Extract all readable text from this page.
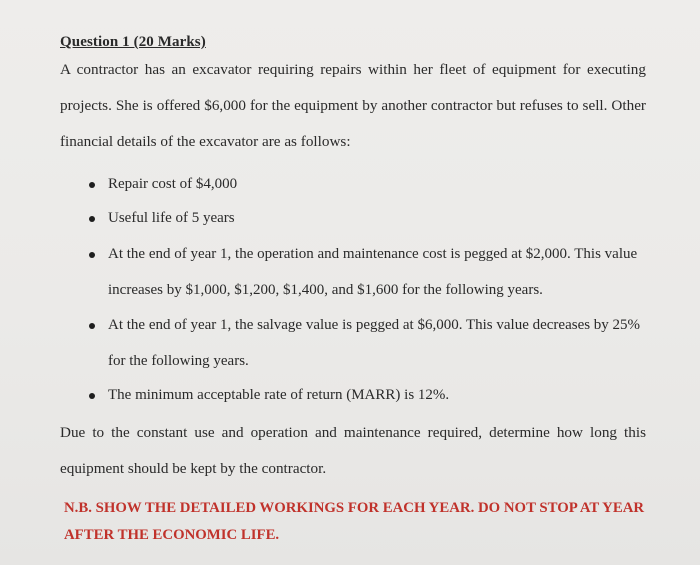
Question 1 (20 Marks)

A contractor has an excavator requiring repairs within her fleet of equipment for executing projects. She is offered $6,000 for the equipment by another contractor but refuses to sell. Other financial details of the excavator are as follows:

Repair cost of $4,000
Useful life of 5 years
At the end of year 1, the operation and maintenance cost is pegged at $2,000. This value increases by $1,000, $1,200, $1,400, and $1,600 for the following years.
At the end of year 1, the salvage value is pegged at $6,000. This value decreases by 25% for the following years.
The minimum acceptable rate of return (MARR) is 12%.

Due to the constant use and operation and maintenance required, determine how long this equipment should be kept by the contractor.

N.B. SHOW THE DETAILED WORKINGS FOR EACH YEAR. DO NOT STOP AT YEAR AFTER THE ECONOMIC LIFE.
